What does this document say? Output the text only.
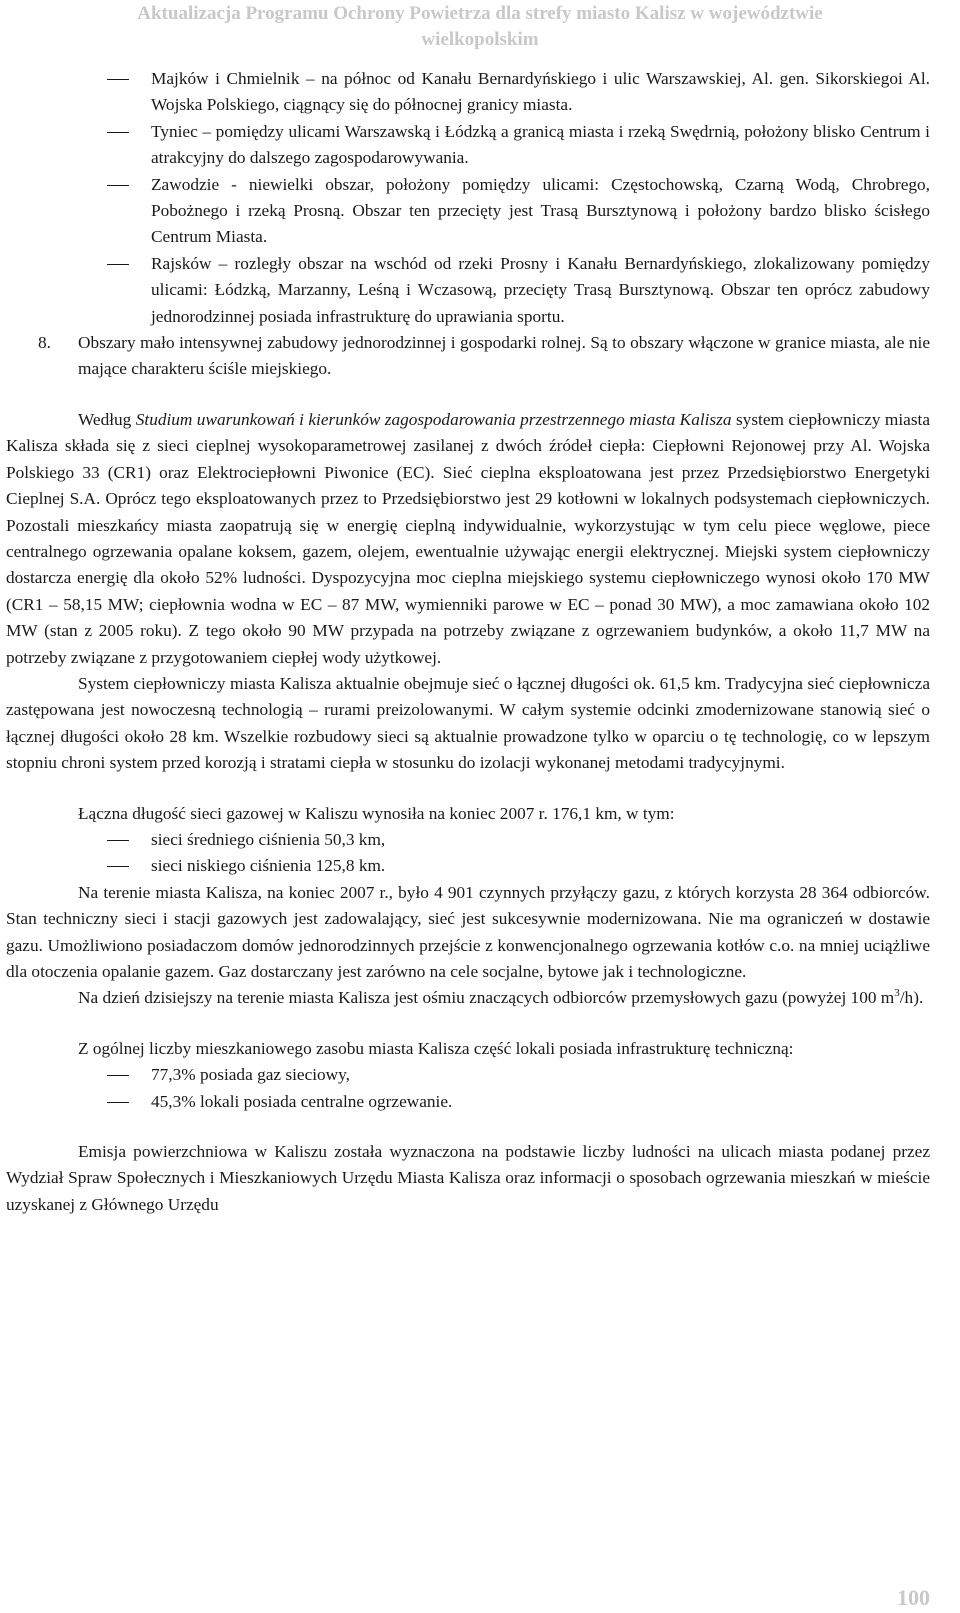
Aktualizacja Programu Ochrony Powietrza dla strefy miasto Kalisz w województwie
wielkopolskim

Majków i Chmielnik – na północ od Kanału Bernardyńskiego i ulic Warszawskiej, Al. gen. Sikorskiegoi Al. Wojska Polskiego, ciągnący się do północnej granicy miasta.

Tyniec – pomiędzy ulicami Warszawską i Łódzką a granicą miasta i rzeką Swędrnią, położony blisko Centrum i atrakcyjny do dalszego zagospodarowywania.

Zawodzie - niewielki obszar, położony pomiędzy ulicami: Częstochowską, Czarną Wodą, Chrobrego, Pobożnego i rzeką Prosną. Obszar ten przecięty jest Trasą Bursztynową i położony bardzo blisko ścisłego Centrum Miasta.

Rajsków – rozległy obszar na wschód od rzeki Prosny i Kanału Bernardyńskiego, zlokalizowany pomiędzy ulicami: Łódzką, Marzanny, Leśną i Wczasową, przecięty Trasą Bursztynową. Obszar ten oprócz zabudowy jednorodzinnej posiada infrastrukturę do uprawiania sportu.

8. Obszary mało intensywnej zabudowy jednorodzinnej i gospodarki rolnej. Są to obszary włączone w granice miasta, ale nie mające charakteru ściśle miejskiego.

Według Studium uwarunkowań i kierunków zagospodarowania przestrzennego miasta Kalisza system ciepłowniczy miasta Kalisza składa się z sieci cieplnej wysokoparametrowej zasilanej z dwóch źródeł ciepła: Ciepłowni Rejonowej przy Al. Wojska Polskiego 33 (CR1) oraz Elektrociepłowni Piwonice (EC). Sieć cieplna eksploatowana jest przez Przedsiębiorstwo Energetyki Cieplnej S.A. Oprócz tego eksploatowanych przez to Przedsiębiorstwo jest 29 kotłowni w lokalnych podsystemach ciepłowniczych. Pozostali mieszkańcy miasta zaopatrują się w energię cieplną indywidualnie, wykorzystując w tym celu piece węglowe, piece centralnego ogrzewania opalane koksem, gazem, olejem, ewentualnie używając energii elektrycznej. Miejski system ciepłowniczy dostarcza energię dla około 52% ludności. Dyspozycyjna moc cieplna miejskiego systemu ciepłowniczego wynosi około 170 MW (CR1 – 58,15 MW; ciepłownia wodna w EC – 87 MW, wymienniki parowe w EC – ponad 30 MW), a moc zamawiana około 102 MW (stan z 2005 roku). Z tego około 90 MW przypada na potrzeby związane z ogrzewaniem budynków, a około 11,7 MW na potrzeby związane z przygotowaniem ciepłej wody użytkowej.

System ciepłowniczy miasta Kalisza aktualnie obejmuje sieć o łącznej długości ok. 61,5 km. Tradycyjna sieć ciepłownicza zastępowana jest nowoczesną technologią – rurami preizolowanymi. W całym systemie odcinki zmodernizowane stanowią sieć o łącznej długości około 28 km. Wszelkie rozbudowy sieci są aktualnie prowadzone tylko w oparciu o tę technologię, co w lepszym stopniu chroni system przed korozją i stratami ciepła w stosunku do izolacji wykonanej metodami tradycyjnymi.

Łączna długość sieci gazowej w Kaliszu wynosiła na koniec 2007 r. 176,1 km, w tym:

sieci średniego ciśnienia 50,3 km,

sieci niskiego ciśnienia 125,8 km.

Na terenie miasta Kalisza, na koniec 2007 r., było 4 901 czynnych przyłączy gazu, z których korzysta 28 364 odbiorców. Stan techniczny sieci i stacji gazowych jest zadowalający, sieć jest sukcesywnie modernizowana. Nie ma ograniczeń w dostawie gazu. Umożliwiono posiadaczom domów jednorodzinnych przejście z konwencjonalnego ogrzewania kotłów c.o. na mniej uciążliwe dla otoczenia opalanie gazem. Gaz dostarczany jest zarówno na cele socjalne, bytowe jak i technologiczne.

Na dzień dzisiejszy na terenie miasta Kalisza jest ośmiu znaczących odbiorców przemysłowych gazu (powyżej 100 $m^3/h$).

Z ogólnej liczby mieszkaniowego zasobu miasta Kalisza część lokali posiada infrastrukturę techniczną:

77,3% posiada gaz sieciowy,

45,3% lokali posiada centralne ogrzewanie.

Emisja powierzchniowa w Kaliszu została wyznaczona na podstawie liczby ludności na ulicach miasta podanej przez Wydział Spraw Społecznych i Mieszkaniowych Urzędu Miasta Kalisza oraz informacji o sposobach ogrzewania mieszkań w mieście uzyskanej z Głównego Urzędu

100
